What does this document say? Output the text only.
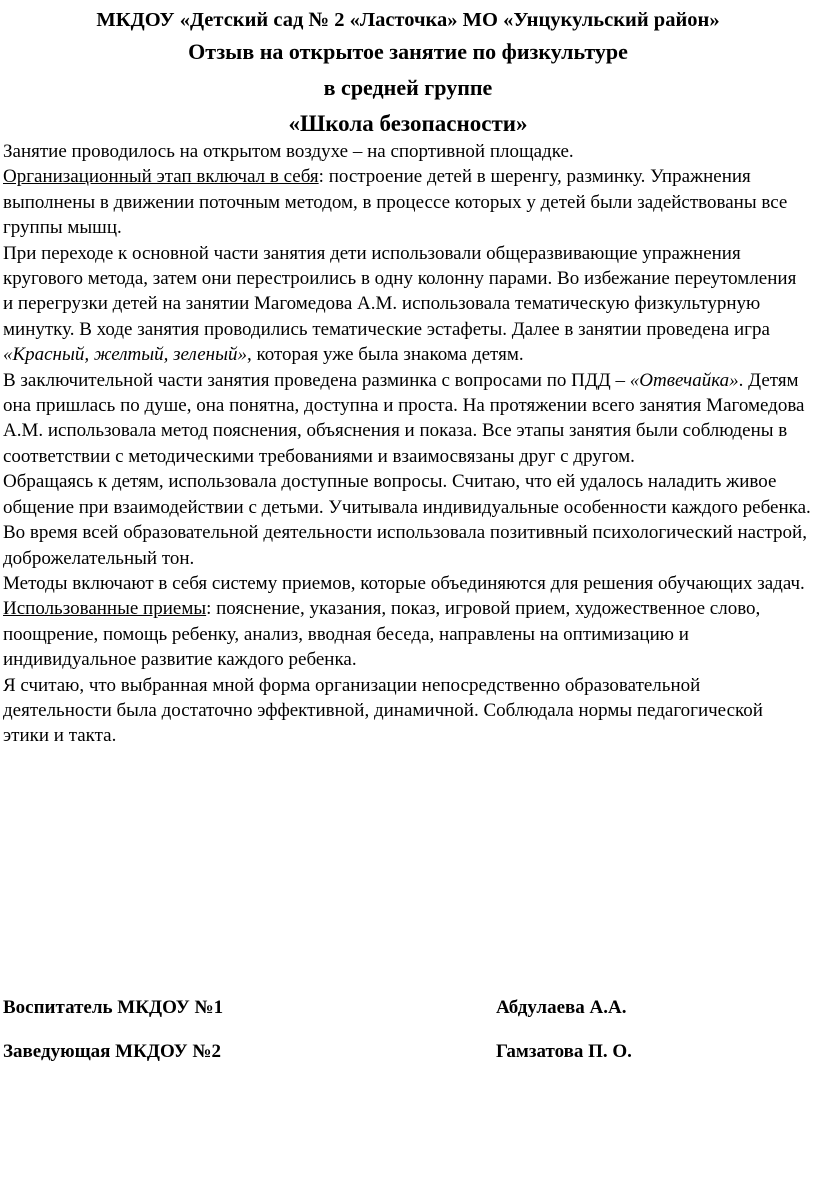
МКДОУ «Детский сад № 2 «Ласточка» МО «Унцукульский район»
Отзыв на открытое занятие по физкультуре
в средней группе
«Школа безопасности»

Занятие проводилось на открытом воздухе – на спортивной площадке.

Организационный этап включал в себя: построение детей в шеренгу, разминку. Упражнения выполнены в движении поточным методом, в процессе которых у детей были задействованы все группы мышц.

При переходе к основной части занятия дети использовали общеразвивающие упражнения кругового метода, затем они перестроились в одну колонну парами. Во избежание переутомления и перегрузки детей на занятии Магомедова А.М. использовала тематическую физкультурную минутку. В ходе занятия проводились тематические эстафеты. Далее в занятии проведена игра «Красный, желтый, зеленый», которая уже была знакома детям.

В заключительной части занятия проведена разминка с вопросами по ПДД – «Отвечайка». Детям она пришлась по душе, она понятна, доступна и проста. На протяжении всего занятия Магомедова А.М. использовала метод пояснения, объяснения и показа. Все этапы занятия были соблюдены в соответствии с методическими требованиями и взаимосвязаны друг с другом.

Обращаясь к детям, использовала доступные вопросы. Считаю, что ей удалось наладить живое общение при взаимодействии с детьми. Учитывала индивидуальные особенности каждого ребенка.

Во время всей образовательной деятельности использовала позитивный психологический настрой, доброжелательный тон.

Методы включают в себя систему приемов, которые объединяются для решения обучающих задач. Использованные приемы: пояснение, указания, показ, игровой прием, художественное слово, поощрение, помощь ребенку, анализ, вводная беседа, направлены на оптимизацию и индивидуальное развитие каждого ребенка.

Я считаю, что выбранная мной форма организации непосредственно образовательной деятельности была достаточно эффективной, динамичной. Соблюдала нормы педагогической этики и такта.

Воспитатель МКДОУ №1	Абдулаева А.А.
Заведующая МКДОУ №2	Гамзатова П. О.
